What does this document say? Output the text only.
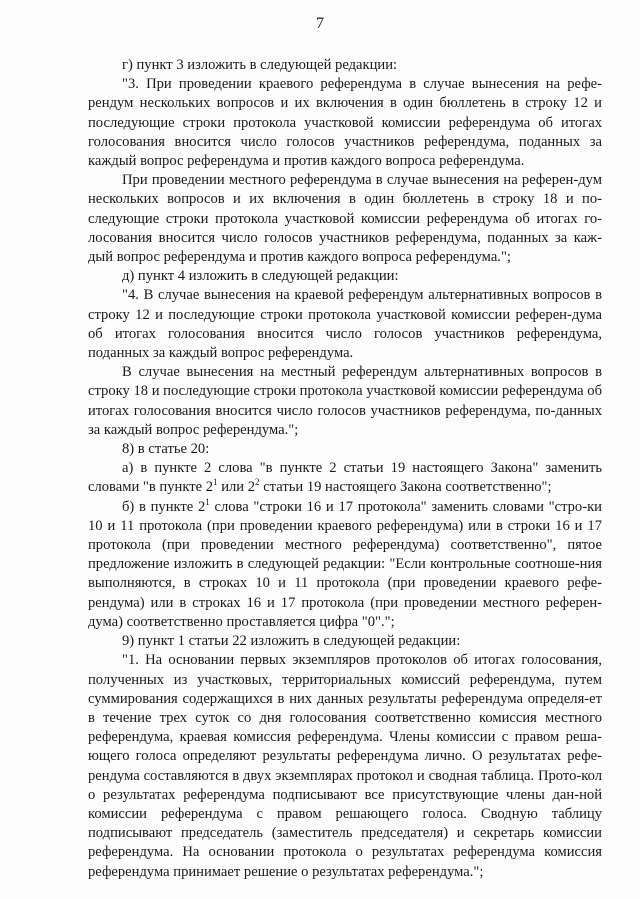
7

г) пункт 3 изложить в следующей редакции:

"3. При проведении краевого референдума в случае вынесения на рефе-рендум нескольких вопросов и их включения в один бюллетень в строку 12 и последующие строки протокола участковой комиссии референдума об итогах голосования вносится число голосов участников референдума, поданных за каждый вопрос референдума и против каждого вопроса референдума.

При проведении местного референдума в случае вынесения на референ-дум нескольких вопросов и их включения в один бюллетень в строку 18 и по-следующие строки протокола участковой комиссии референдума об итогах го-лосования вносится число голосов участников референдума, поданных за каж-дый вопрос референдума и против каждого вопроса референдума.";

д) пункт 4 изложить в следующей редакции:

"4. В случае вынесения на краевой референдум альтернативных вопросов в строку 12 и последующие строки протокола участковой комиссии референ-дума об итогах голосования вносится число голосов участников референдума, поданных за каждый вопрос референдума.

В случае вынесения на местный референдум альтернативных вопросов в строку 18 и последующие строки протокола участковой комиссии референдума об итогах голосования вносится число голосов участников референдума, по-данных за каждый вопрос референдума.";

8) в статье 20:

а) в пункте 2 слова "в пункте 2 статьи 19 настоящего Закона" заменить словами "в пункте $2^1$ или $2^2$ статьи 19 настоящего Закона соответственно";

б) в пункте $2^1$ слова "строки 16 и 17 протокола" заменить словами "стро-ки 10 и 11 протокола (при проведении краевого референдума) или в строки 16 и 17 протокола (при проведении местного референдума) соответственно", пятое предложение изложить в следующей редакции: "Если контрольные соотноше-ния выполняются, в строках 10 и 11 протокола (при проведении краевого рефе-рендума) или в строках 16 и 17 протокола (при проведении местного референ-дума) соответственно проставляется цифра "0".";

9) пункт 1 статьи 22 изложить в следующей редакции:

"1. На основании первых экземпляров протоколов об итогах голосования, полученных из участковых, территориальных комиссий референдума, путем суммирования содержащихся в них данных результаты референдума определя-ет в течение трех суток со дня голосования соответственно комиссия местного референдума, краевая комиссия референдума. Члены комиссии с правом реша-ющего голоса определяют результаты референдума лично. О результатах рефе-рендума составляются в двух экземплярах протокол и сводная таблица. Прото-кол о результатах референдума подписывают все присутствующие члены дан-ной комиссии референдума с правом решающего голоса. Сводную таблицу подписывают председатель (заместитель председателя) и секретарь комиссии референдума. На основании протокола о результатах референдума комиссия референдума принимает решение о результатах референдума.";
